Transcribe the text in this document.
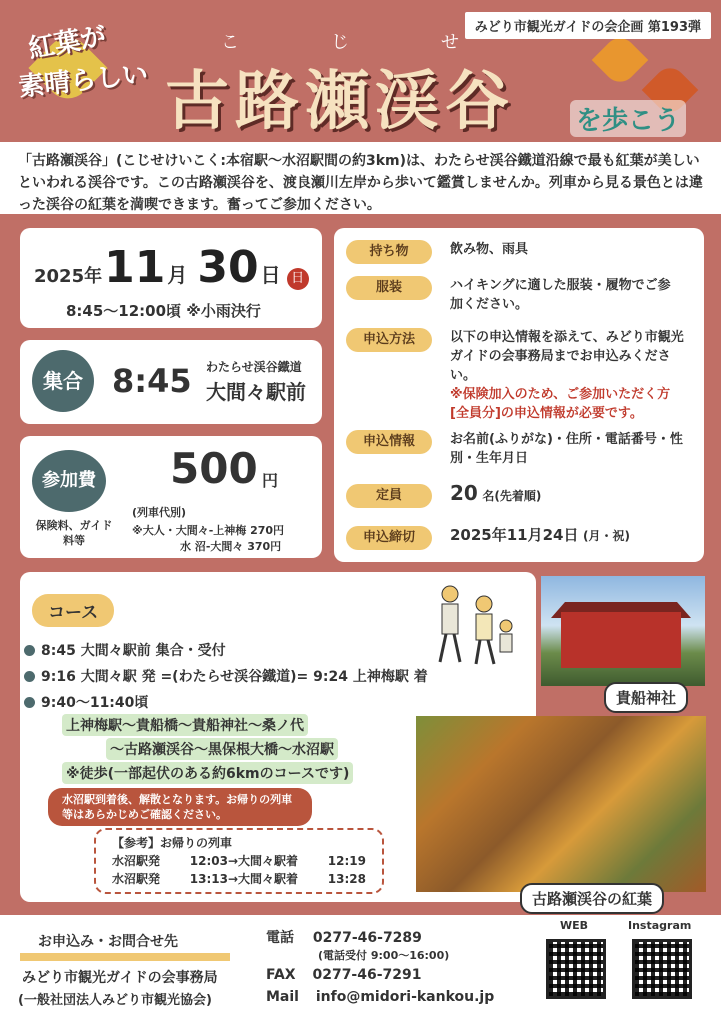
みどり市観光ガイドの会企画 第193弾
紅葉が
素晴らしい
こ	じ	せ
古路瀬渓谷 を歩こう
「古路瀬渓谷」(こじせけいこく:本宿駅～水沼駅間の約3km)は、わたらせ渓谷鐵道沿線で最も紅葉が美しいといわれる渓谷です。この古路瀬渓谷を、渡良瀬川左岸から歩いて鑑賞しませんか。列車から見る景色とは違った渓谷の紅葉を満喫できます。奮ってご参加ください。
2025年 11 月 30 日 日
8:45～12:00頃 ※小雨決行
集合 8:45 わたらせ渓谷鐵道
大間々駅前
参加費
保険料、ガイド料等
500 円
(列車代別)
※大人・大間々-上神梅 270円
水 沼-大間々 370円
持ち物	飲み物、雨具
服装	ハイキングに適した服装・履物でご参加ください。
申込方法	以下の申込情報を添えて、みどり市観光ガイドの会事務局までお申込みください。
※保険加入のため、ご参加いただく方[全員分]の申込情報が必要です。
申込情報	お名前(ふりがな)・住所・電話番号・性別・生年月日
定員	20 名(先着順)
申込締切	2025年11月24日 (月・祝)
コース
8:45 大間々駅前 集合・受付
9:16 大間々駅 発 =(わたらせ渓谷鐵道)= 9:24 上神梅駅 着
9:40～11:40頃
上神梅駅～貴船橋～貴船神社～桑ノ代
～古路瀬渓谷～黒保根大橋～水沼駅
※徒歩(一部起伏のある約6kmのコースです)
水沼駅到着後、解散となります。お帰りの列車等はあらかじめご確認ください。
【参考】お帰りの列車
水沼駅発 12:03→大間々駅着 12:19
水沼駅発 13:13→大間々駅着 13:28
貴船神社
古路瀬渓谷の紅葉
お申込み・お問合せ先
みどり市観光ガイドの会事務局
(一般社団法人みどり市観光協会)
電話 0277-46-7289
(電話受付 9:00～16:00)
FAX 0277-46-7291
Mail info@midori-kankou.jp
WEB	Instagram
